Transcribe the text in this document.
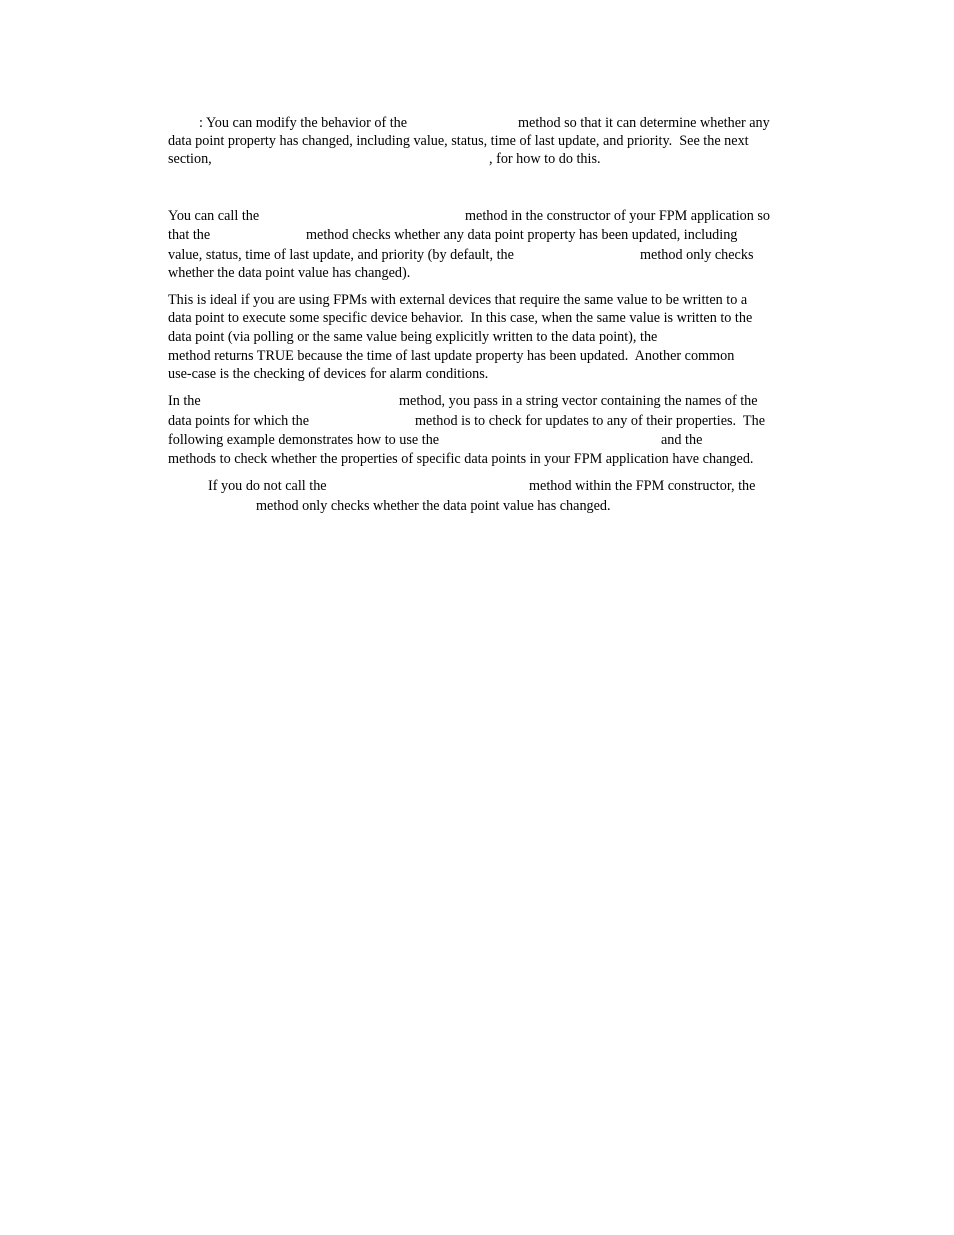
: You can modify the behavior of the	method so that it can determine whether any

data point property has changed, including value, status, time of last update, and priority.  See the next

section,	, for how to do this.

You can call the	method in the constructor of your FPM application so

that the	method checks whether any data point property has been updated, including

value, status, time of last update, and priority (by default, the	method only checks

whether the data point value has changed).

This is ideal if you are using FPMs with external devices that require the same value to be written to a

data point to execute some specific device behavior.  In this case, when the same value is written to the

data point (via polling or the same value being explicitly written to the data point), the

method returns TRUE because the time of last update property has been updated.  Another common

use-case is the checking of devices for alarm conditions.

In the	method, you pass in a string vector containing the names of the

data points for which the	method is to check for updates to any of their properties.  The

following example demonstrates how to use the	and the

methods to check whether the properties of specific data points in your FPM application have changed.

If you do not call the	method within the FPM constructor, the

method only checks whether the data point value has changed.
